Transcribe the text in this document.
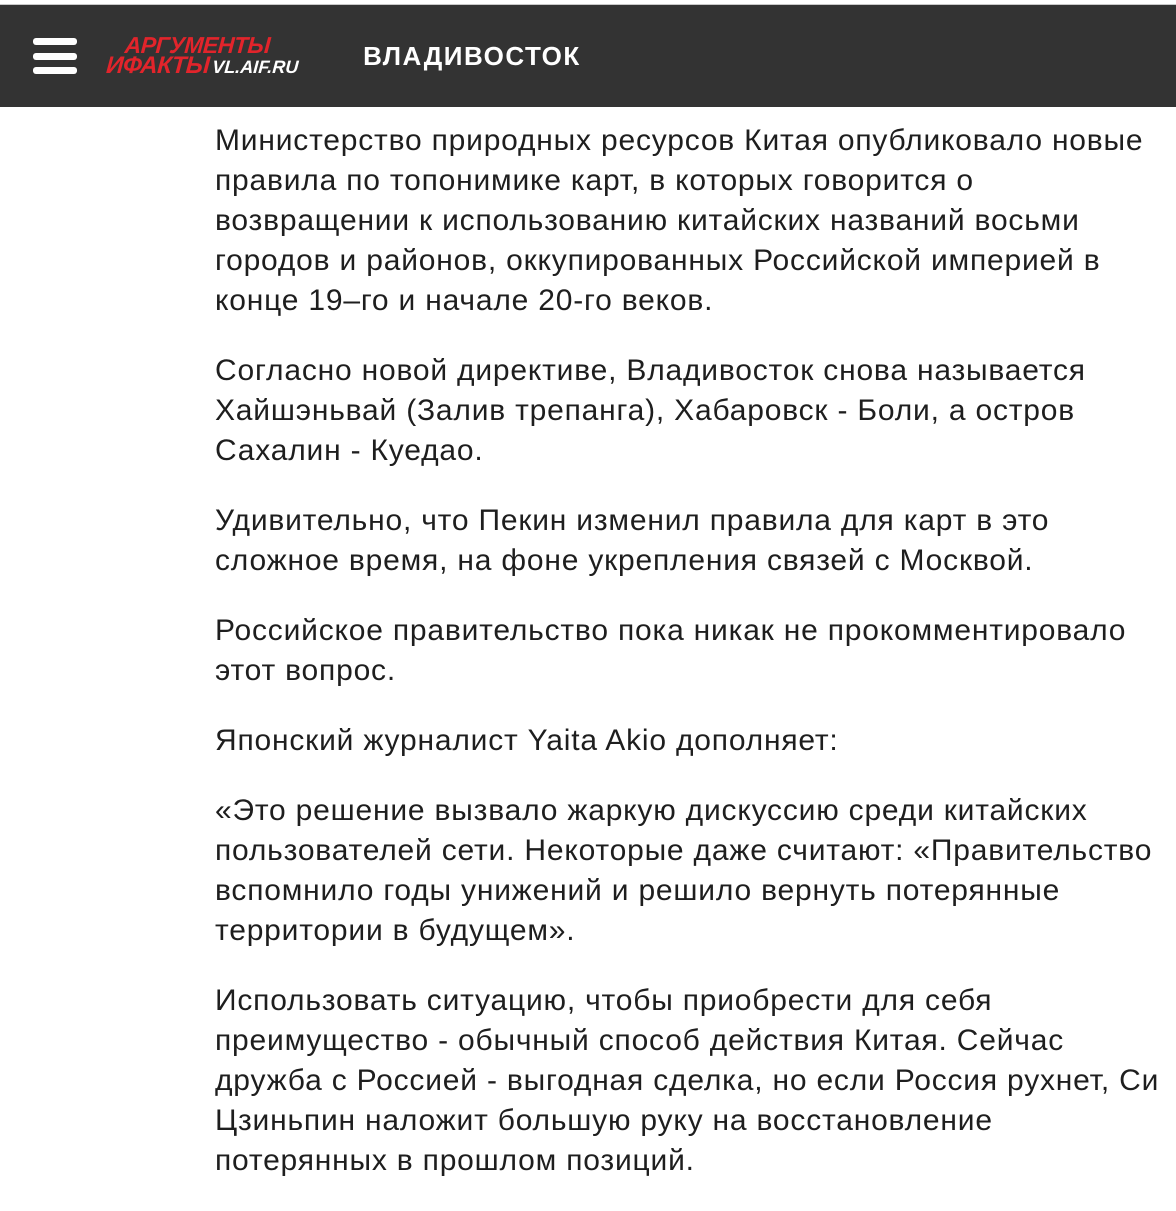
АРГУМЕНТЫ
ИФАКТЫ VL.AIF.RU ВЛАДИВОСТОК

Министерство природных ресурсов Китая опубликовало новые правила по топонимике карт, в которых говорится о возвращении к использованию китайских названий восьми городов и районов, оккупированных Российской империей в конце 19–го и начале 20-го веков.

Согласно новой директиве, Владивосток снова называется Хайшэньвай (Залив трепанга), Хабаровск - Боли, а остров Сахалин - Куедао.

Удивительно, что Пекин изменил правила для карт в это сложное время, на фоне укрепления связей с Москвой.

Российское правительство пока никак не прокомментировало этот вопрос.

Японский журналист Yaita Akio дополняет:

«Это решение вызвало жаркую дискуссию среди китайских пользователей сети. Некоторые даже считают: «Правительство вспомнило годы унижений и решило вернуть потерянные территории в будущем».

Использовать ситуацию, чтобы приобрести для себя преимущество - обычный способ действия Китая. Сейчас дружба с Россией - выгодная сделка, но если Россия рухнет, Си Цзиньпин наложит большую руку на восстановление потерянных в прошлом позиций.
